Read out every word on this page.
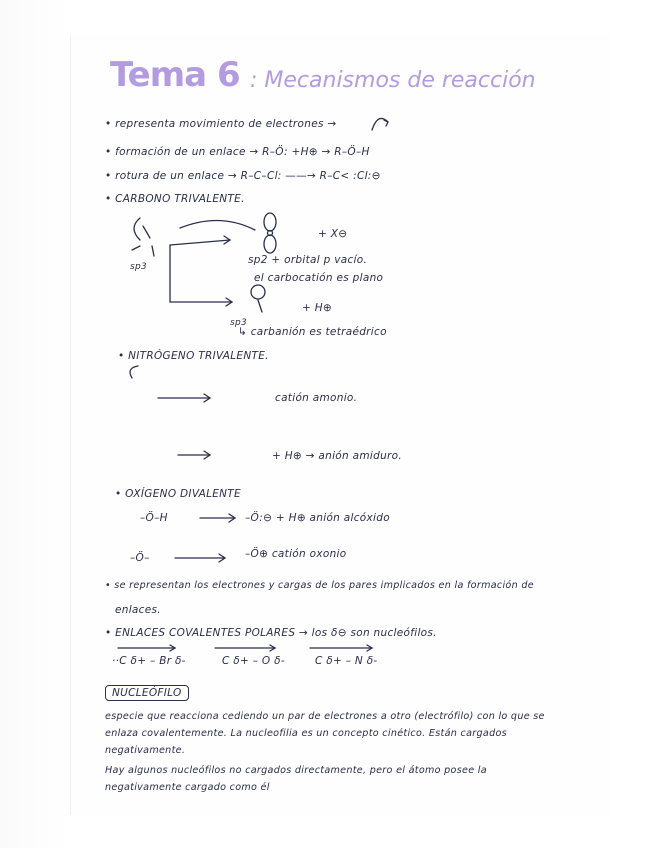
Tema 6 : Mecanismos de reacción
• representa movimiento de electrones →
• formación de un enlace → R–Ö: +H⊕ → R–Ö–H
• rotura de un enlace → R–C–Cl: ——→ R–C< :Cl:⊖
• CARBONO TRIVALENTE.
+ X⊖
sp3
sp2 + orbital p vacío.
el carbocatión es plano
+ H⊕
sp3
↳ carbanión es tetraédrico
• NITRÓGENO TRIVALENTE.
catión amonio.
+ H⊕ → anión amiduro.
• OXÍGENO DIVALENTE
–Ö–H	–Ö:⊖ + H⊕ anión alcóxido
–Ö–	–Ö⊕ catión oxonio
• se representan los electrones y cargas de los pares implicados en la formación de
enlaces.
• ENLACES COVALENTES POLARES → los δ⊖ son nucleófilos.
··C δ+ – Br δ-	C δ+ – O δ-	C δ+ – N δ-
NUCLEÓFILO
especie que reacciona cediendo un par de electrones a otro (electrófilo) con lo que se
enlaza covalentemente. La nucleofilia es un concepto cinético. Están cargados
negativamente.
Hay algunos nucleófilos no cargados directamente, pero el átomo posee la
negativamente cargado como él
